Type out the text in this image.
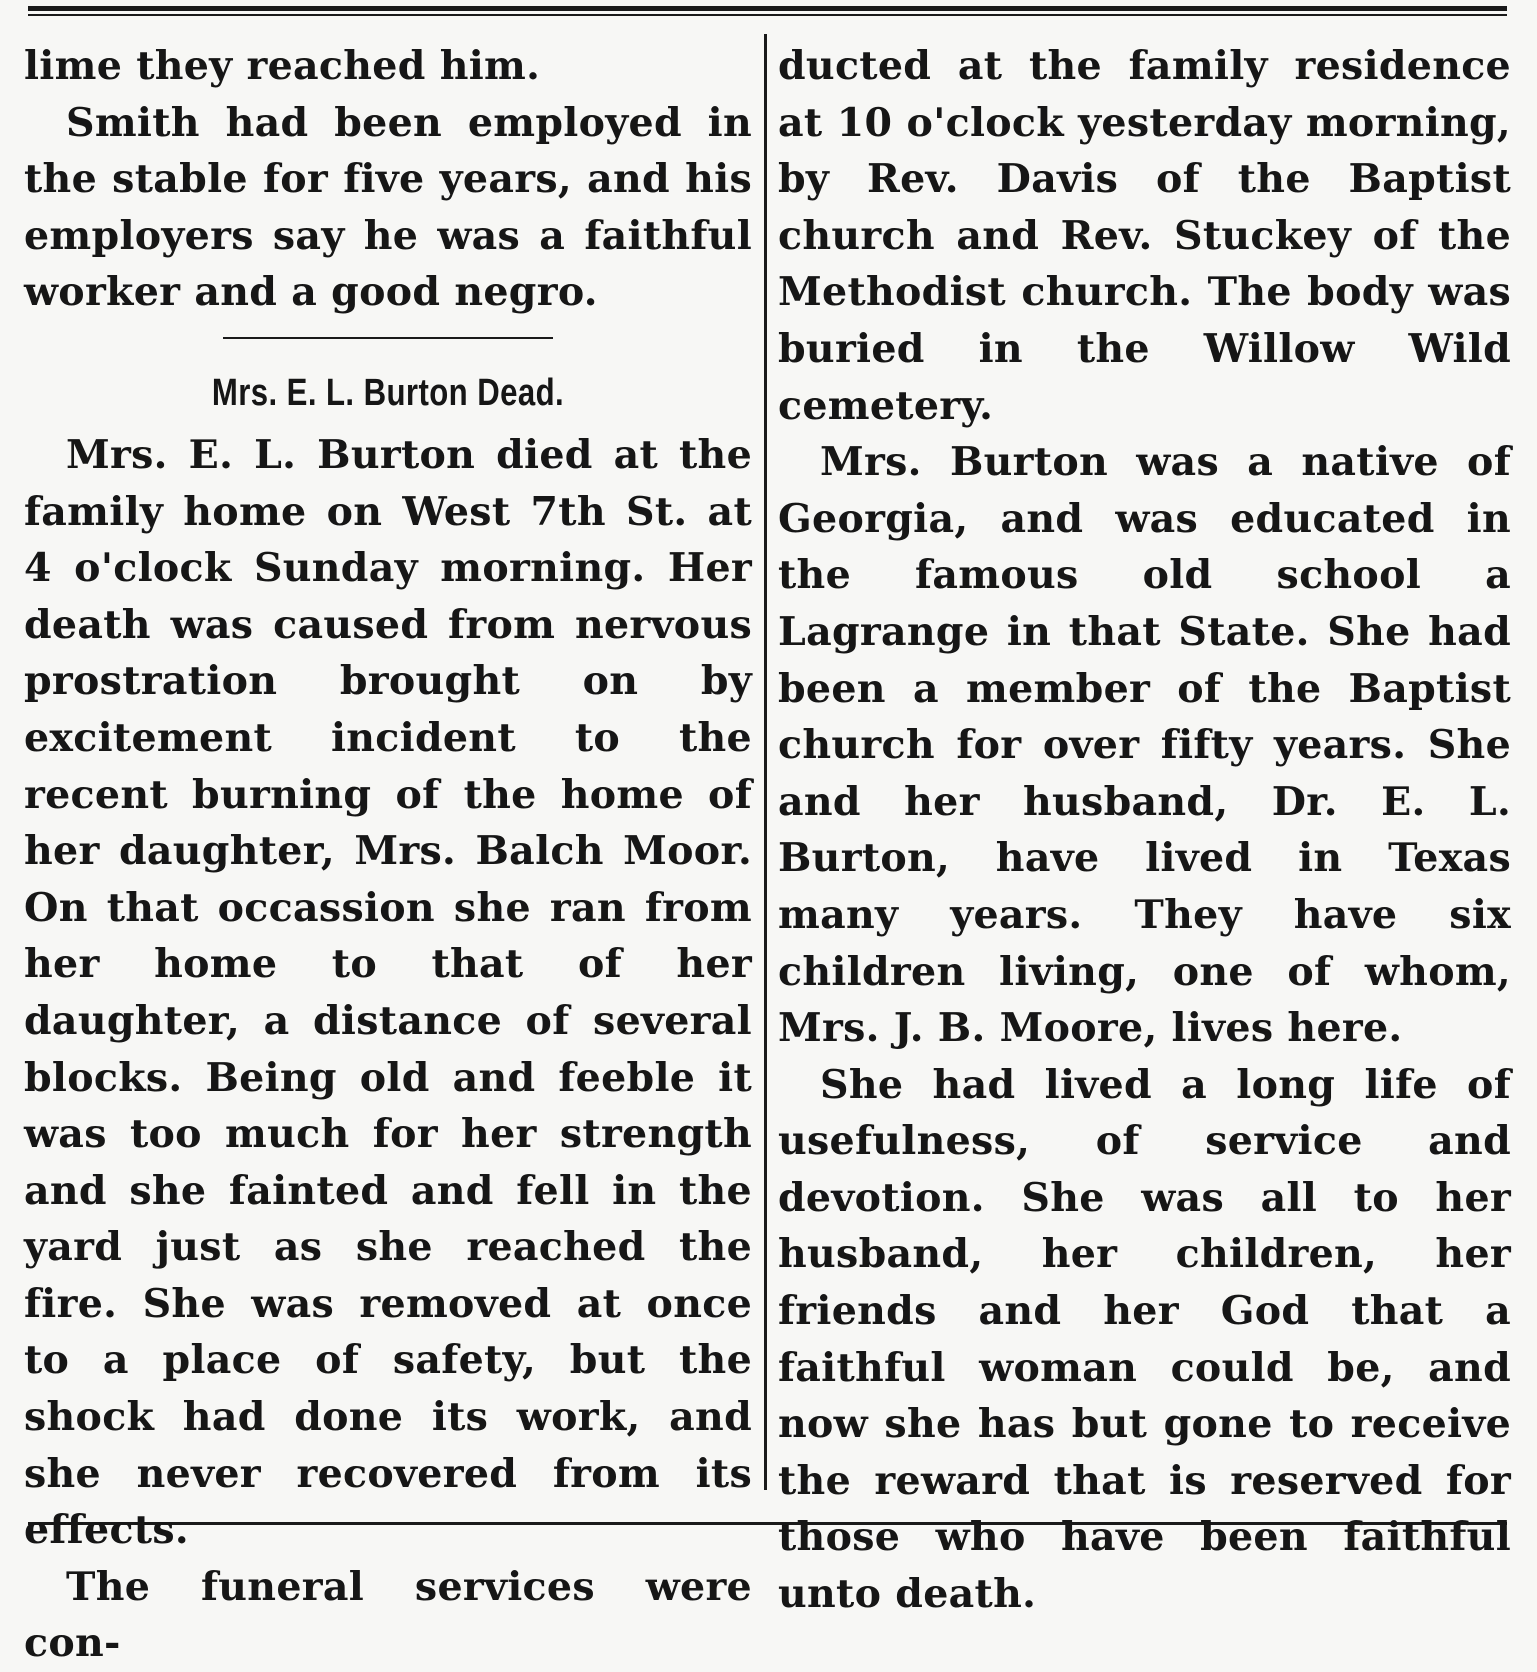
lime they reached him.

Smith had been employed in the stable for five years, and his employers say he was a faithful worker and a good negro.

Mrs. E. L. Burton Dead.

Mrs. E. L. Burton died at the family home on West 7th St. at 4 o'clock Sunday morning. Her death was caused from nervous prostration brought on by excitement incident to the recent burning of the home of her daughter, Mrs. Balch Moor. On that occassion she ran from her home to that of her daughter, a distance of several blocks. Being old and feeble it was too much for her strength and she fainted and fell in the yard just as she reached the fire. She was removed at once to a place of safety, but the shock had done its work, and she never recovered from its effects.

The funeral services were con-

ducted at the family residence at 10 o'clock yesterday morning, by Rev. Davis of the Baptist church and Rev. Stuckey of the Methodist church. The body was buried in the Willow Wild cemetery.

Mrs. Burton was a native of Georgia, and was educated in the famous old school a Lagrange in that State. She had been a member of the Baptist church for over fifty years. She and her husband, Dr. E. L. Burton, have lived in Texas many years. They have six children living, one of whom, Mrs. J. B. Moore, lives here.

She had lived a long life of usefulness, of service and devotion. She was all to her husband, her children, her friends and her God that a faithful woman could be, and now she has but gone to receive the reward that is reserved for those who have been faithful unto death.
